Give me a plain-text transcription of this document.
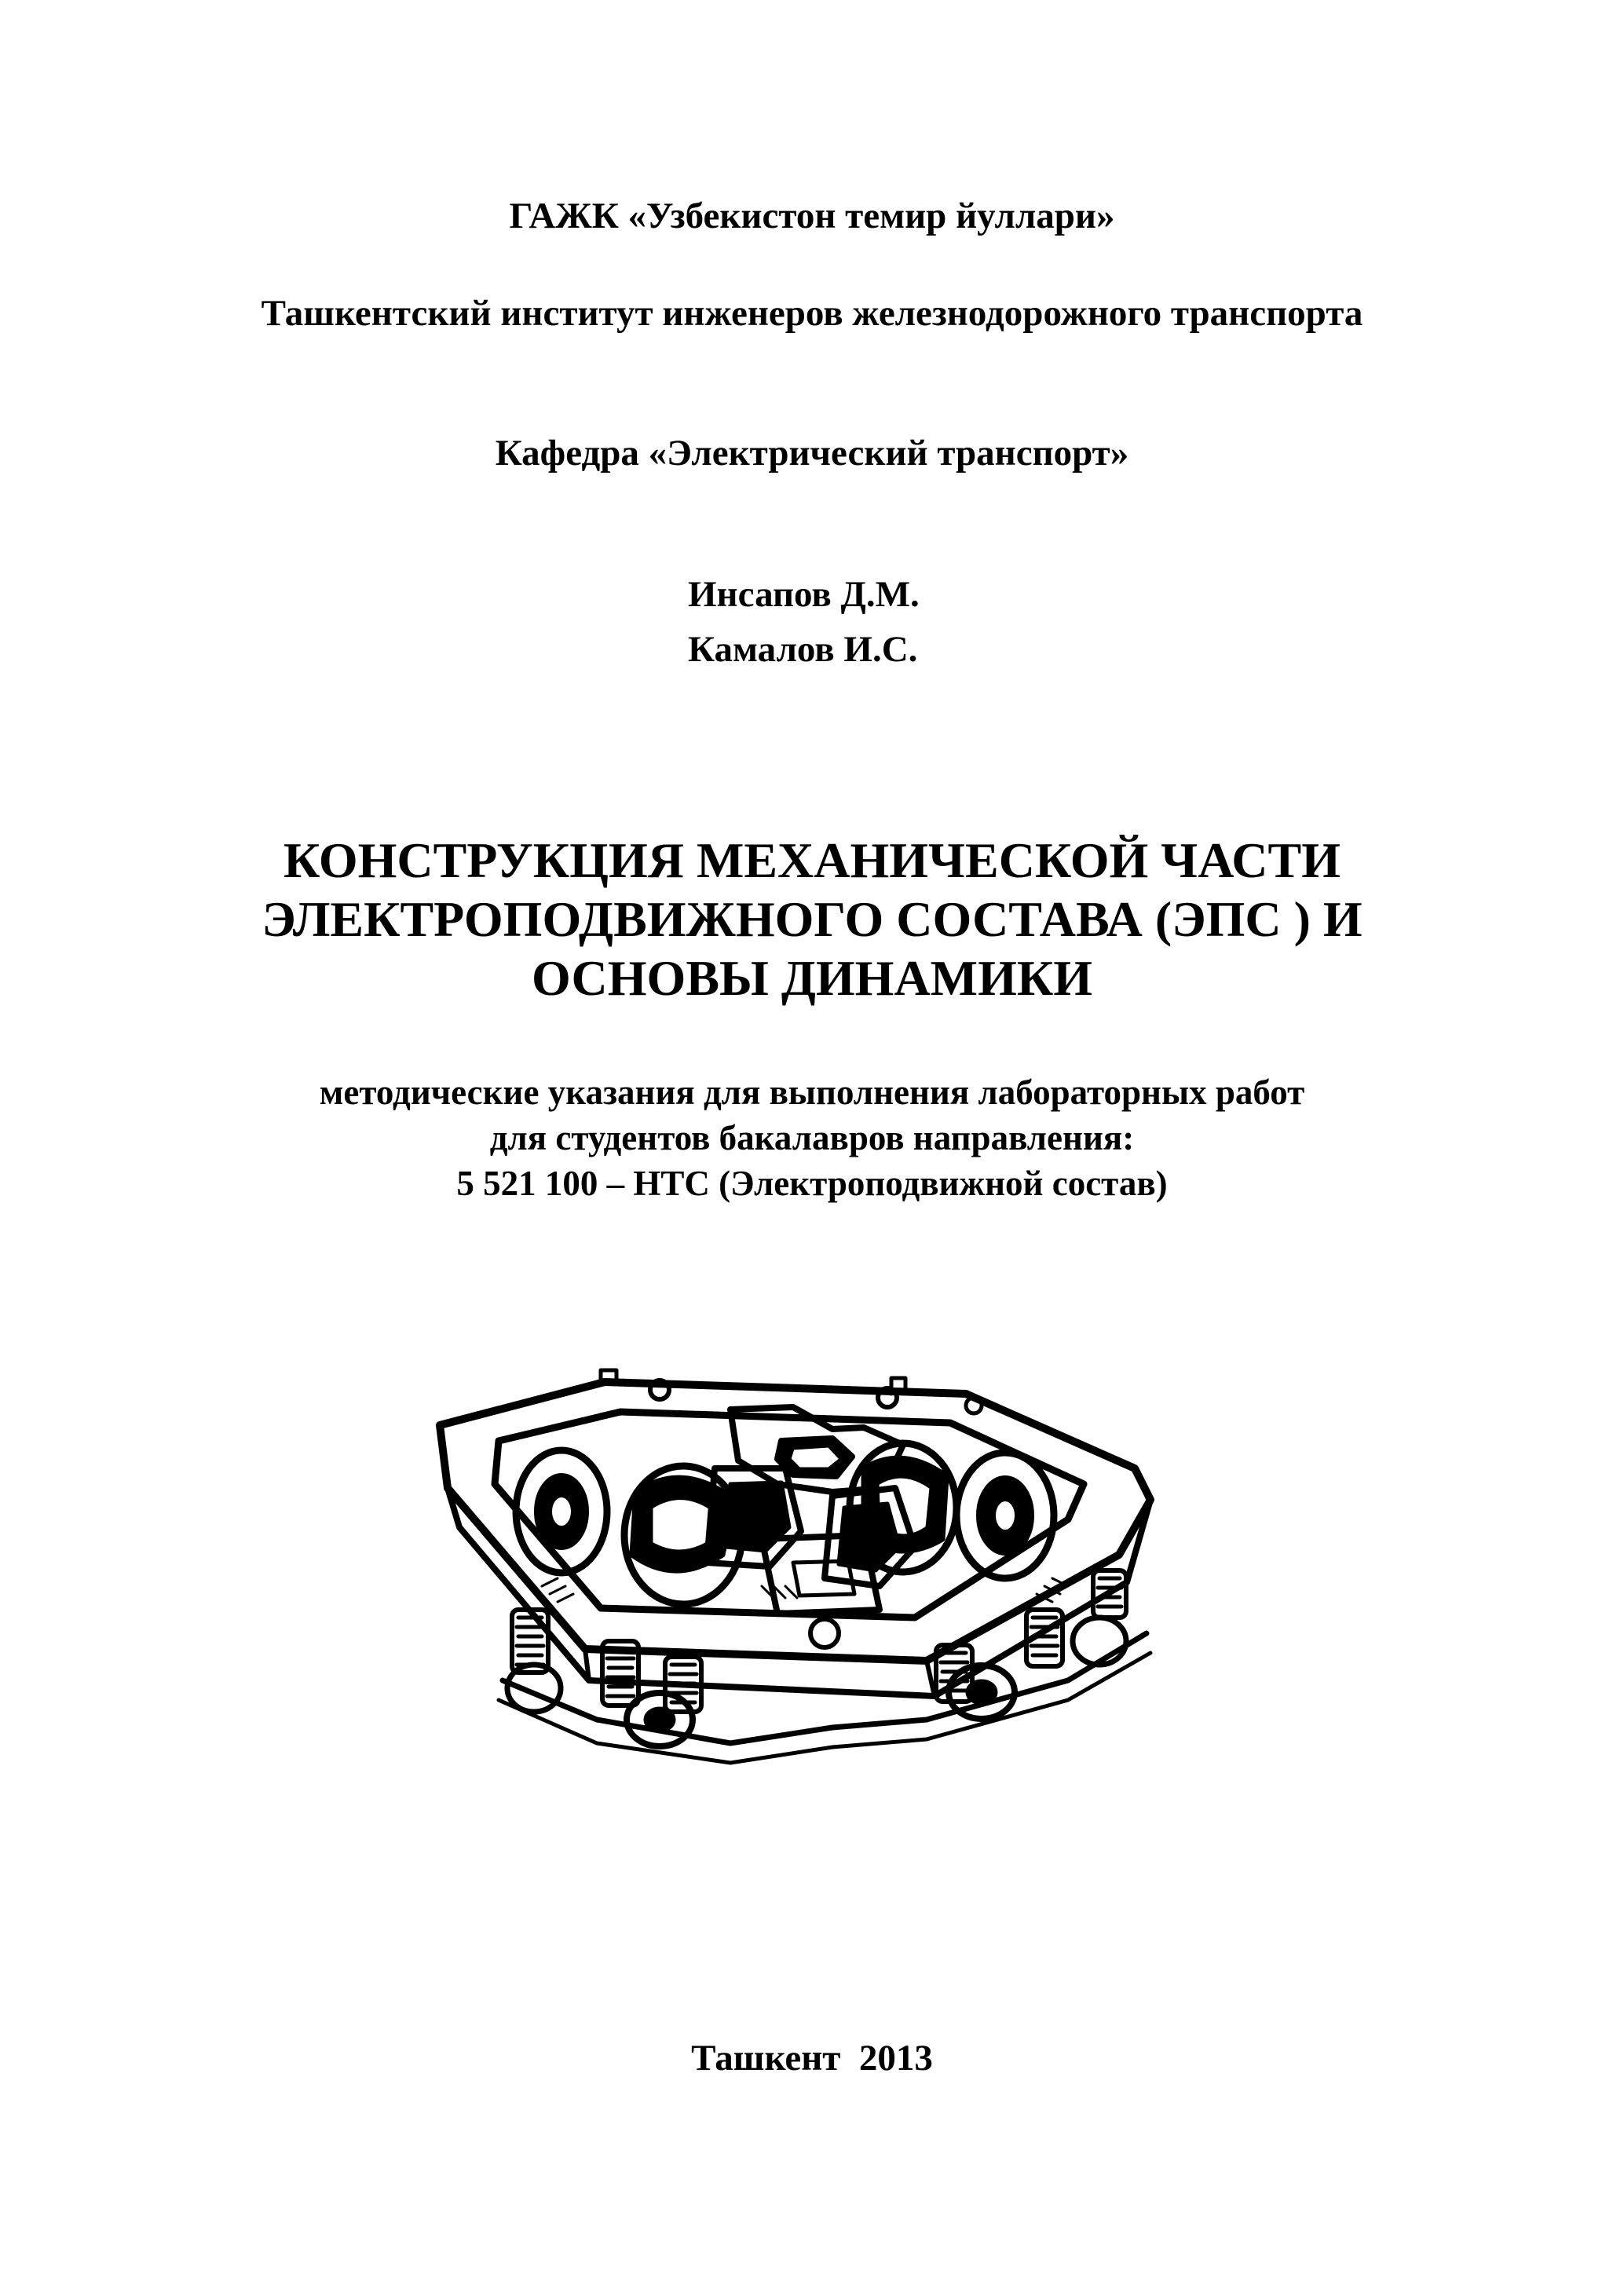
ГАЖК «Узбекистон темир йуллари»
Ташкентский институт инженеров железнодорожного транспорта
Кафедра «Электрический транспорт»
Инсапов Д.М.
Камалов И.С.
КОНСТРУКЦИЯ МЕХАНИЧЕСКОЙ ЧАСТИ
ЭЛЕКТРОПОДВИЖНОГО СОСТАВА (ЭПС ) И
ОСНОВЫ ДИНАМИКИ
методические указания для выполнения лабораторных работ
для студентов бакалавров направления:
5 521 100 – НТС (Электроподвижной состав)
Ташкент  2013
